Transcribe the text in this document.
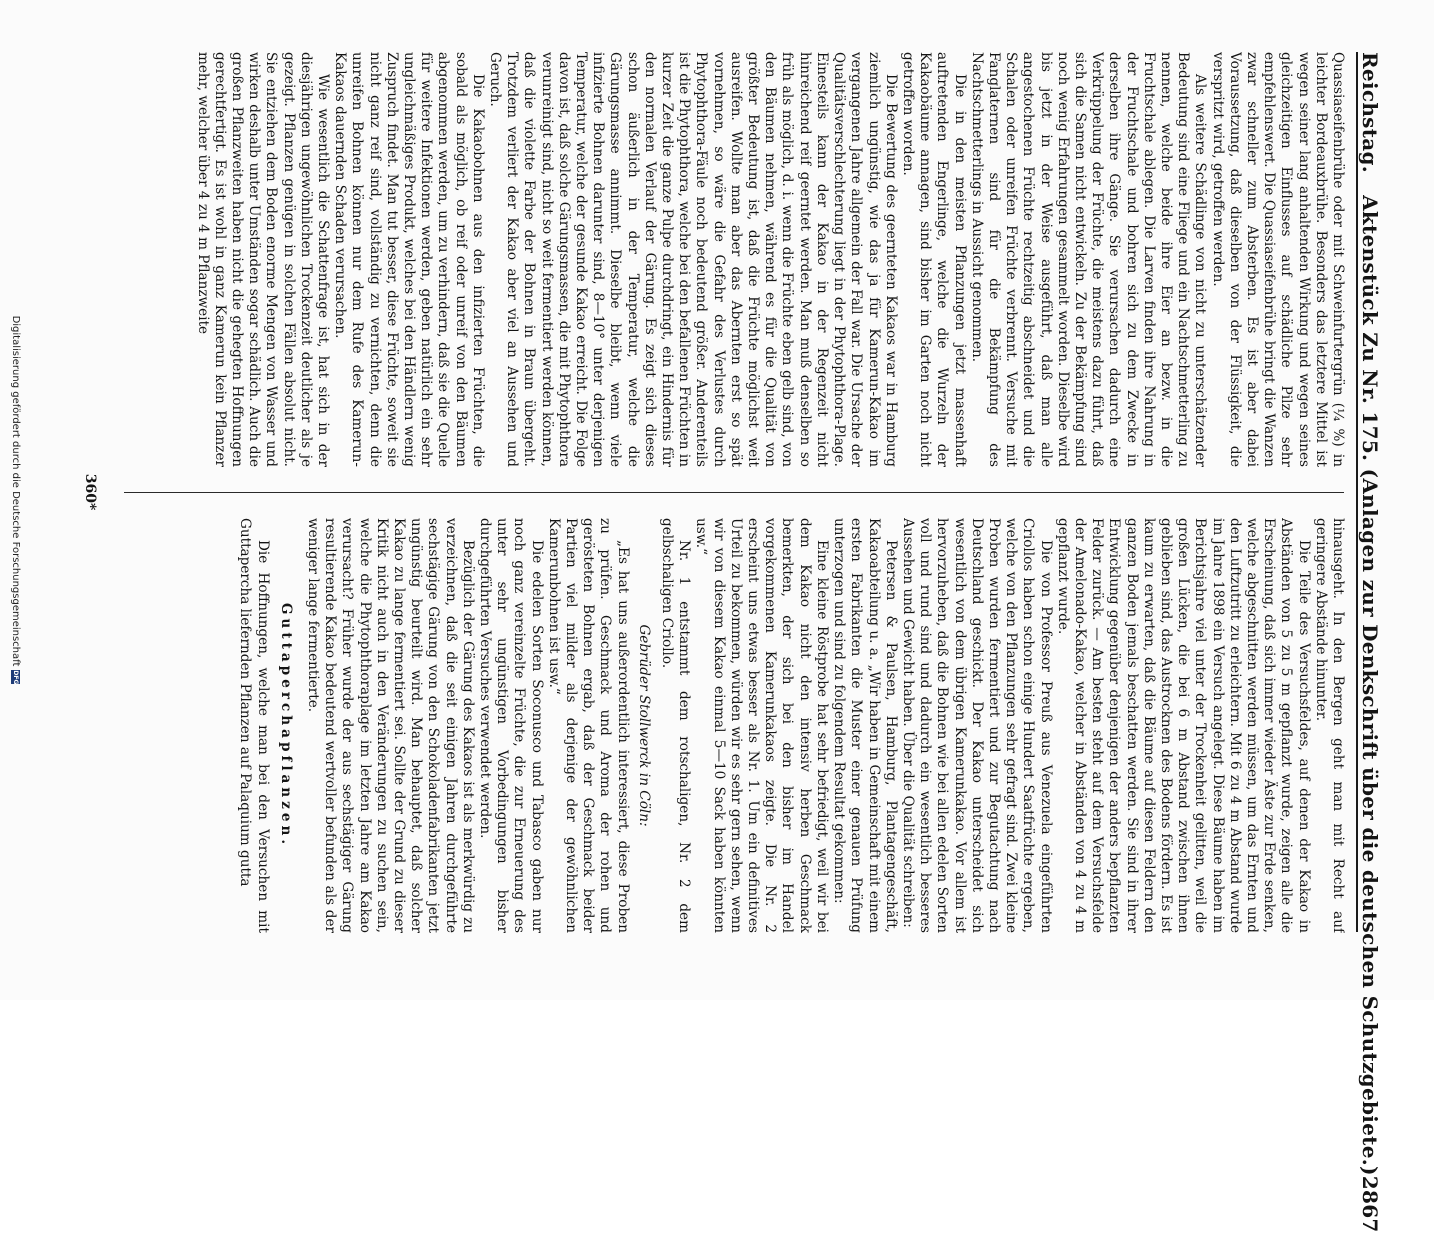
Reichstag.
Aktenstück Zu Nr. 175. (Anlagen zur Denkschrift über die deutschen Schutzgebiete.)
2867

Quassiaseifenbrühe oder mit Schweinfurtergrün (¼ %) in leichter Bordeauxbrühe. Besonders das letztere Mittel ist wegen seiner lang anhaltenden Wirkung und wegen seines gleichzeitigen Einflusses auf schädliche Pilze sehr empfehlenswert. Die Quassiaseifenbrühe bringt die Wanzen zwar schneller zum Absterben. Es ist aber dabei Voraussetzung, daß dieselben von der Flüssigkeit, die verspritzt wird, getroffen werden.

Als weitere Schädlinge von nicht zu unterschätzender Bedeutung sind eine Fliege und ein Nachtschmetterling zu nennen, welche beide ihre Eier an bezw. in die Fruchtschale ablegen. Die Larven finden ihre Nahrung in der Fruchtschale und bohren sich zu dem Zwecke in derselben ihre Gänge. Sie verursachen dadurch eine Verkrüppelung der Früchte, die meistens dazu führt, daß sich die Samen nicht entwickeln. Zu der Bekämpfung sind noch wenig Erfahrungen gesammelt worden. Dieselbe wird bis jetzt in der Weise ausgeführt, daß man alle angestochenen Früchte rechtzeitig abschneidet und die Schalen oder unreifen Früchte verbrennt. Versuche mit Fanglaternen sind für die Bekämpfung des Nachtschmetterlings in Aussicht genommen.

Die in den meisten Pflanzungen jetzt massenhaft auftretenden Engerlinge, welche die Wurzeln der Kakaobäume annagen, sind bisher im Garten noch nicht getroffen worden.

Die Bewertung des geernteten Kakaos war in Hamburg ziemlich ungünstig, wie das ja für Kamerun-Kakao im vergangenen Jahre allgemein der Fall war. Die Ursache der Qualitätsverschlechterung liegt in der Phytophthora-Plage. Einesteils kann der Kakao in der Regenzeit nicht hinreichend reif geerntet werden. Man muß denselben so früh als möglich, d. i. wenn die Früchte eben gelb sind, von den Bäumen nehmen, während es für die Qualität von größter Bedeutung ist, daß die Früchte möglichst weit ausreifen. Wollte man aber das Abernten erst so spät vornehmen, so wäre die Gefahr des Verlustes durch Phytophthora-Fäule noch bedeutend größer. Anderenteils ist die Phytophthora, welche bei den befallenen Früchten in kurzer Zeit die ganze Pulpe durchdringt, ein Hindernis für den normalen Verlauf der Gärung. Es zeigt sich dieses schon äußerlich in der Temperatur, welche die Gärungsmasse annimmt. Dieselbe bleibt, wenn viele infizierte Bohnen darunter sind, 8—10° unter derjenigen Temperatur, welche der gesunde Kakao erreicht. Die Folge davon ist, daß solche Gärungsmassen, die mit Phytophthora verunreinigt sind, nicht so weit fermentiert werden können, daß die violette Farbe der Bohnen in Braun übergeht. Trotzdem verliert der Kakao aber viel an Aussehen und Geruch.

Die Kakaobohnen aus den infizierten Früchten, die sobald als möglich, ob reif oder unreif von den Bäumen abgenommen werden, um zu verhindern, daß sie die Quelle für weitere Infektionen werden, geben natürlich ein sehr ungleichmäßiges Produkt, welches bei den Händlern wenig Zuspruch findet. Man tut besser, diese Früchte, soweit sie nicht ganz reif sind, vollständig zu vernichten, denn die unreifen Bohnen können nur dem Rufe des Kamerun-Kakaos dauernden Schaden verursachen.

Wie wesentlich die Schattenfrage ist, hat sich in der diesjährigen ungewöhnlichen Trockenzeit deutlicher als je gezeigt. Pflanzen genügen in solchen Fällen absolut nicht. Sie entziehen dem Boden enorme Mengen von Wasser und wirken deshalb unter Umständen sogar schädlich. Auch die großen Pflanzweiten haben nicht die gehegten Hoffnungen gerechtfertigt. Es ist wohl in ganz Kamerun kein Pflanzer mehr, welcher über 4 zu 4 m Pflanzweite

hinausgeht. In den Bergen geht man mit Recht auf geringere Abstände hinunter.

Die Teile des Versuchsfeldes, auf denen der Kakao in Abständen von 5 zu 5 m gepflanzt wurde, zeigen alle die Erscheinung, daß sich immer wieder Äste zur Erde senken, welche abgeschnitten werden müssen, um das Ernten und den Luftzutritt zu erleichtern. Mit 6 zu 4 m Abstand wurde im Jahre 1898 ein Versuch angelegt. Diese Bäume haben im Berichtsjahre viel unter der Trockenheit gelitten, weil die großen Lücken, die bei 6 m Abstand zwischen ihnen geblieben sind, das Austrocknen des Bodens fördern. Es ist kaum zu erwarten, daß die Bäume auf diesen Feldern den ganzen Boden jemals beschatten werden. Sie sind in ihrer Entwicklung gegenüber denjenigen der anders bepflanzten Felder zurück. — Am besten steht auf dem Versuchsfelde der Amelonado-Kakao, welcher in Abständen von 4 zu 4 m gepflanzt wurde.

Die von Professor Preuß aus Venezuela eingeführten Criollos haben schon einige Hundert Saatfrüchte ergeben, welche von den Pflanzungen sehr gefragt sind. Zwei kleine Proben wurden fermentiert und zur Begutachtung nach Deutschland geschickt. Der Kakao unterscheidet sich wesentlich von dem übrigen Kamerunkakao. Vor allem ist hervorzuheben, daß die Bohnen wie bei allen edelen Sorten voll und rund sind und dadurch ein wesentlich besseres Aussehen und Gewicht haben. Über die Qualität schreiben:

Petersen & Paulsen, Hamburg, Plantagengeschäft, Kakaoabteilung u. a. „Wir haben in Gemeinschaft mit einem ersten Fabrikanten die Muster einer genauen Prüfung unterzogen und sind zu folgendem Resultat gekommen:

Eine kleine Röstprobe hat sehr befriedigt, weil wir bei dem Kakao nicht den intensiv herben Geschmack bemerkten, der sich bei den bisher im Handel vorgekommenen Kamerunkakaos zeigte. Die Nr. 2 erscheint uns etwas besser als Nr. 1. Um ein definitives Urteil zu bekommen, würden wir es sehr gern sehen, wenn wir von diesem Kakao einmal 5—10 Sack haben könnten usw.“

Nr. 1 entstammt dem rotschaligen, Nr. 2 dem gelbschaligen Criollo.

Gebrüder Stollwerck in Cöln:

„Es hat uns außerordentlich interessiert, diese Proben zu prüfen. Geschmack und Aroma der rohen und gerösteten Bohnen ergab, daß der Geschmack beider Partien viel milder als derjenige der gewöhnlichen Kamerunbohnen ist usw.“

Die edelen Sorten Soconusco und Tabasco gaben nur noch ganz vereinzelte Früchte, die zur Erneuerung des unter sehr ungünstigen Vorbedingungen bisher durchgeführten Versuches verwendet werden.

Bezüglich der Gärung des Kakaos ist als merkwürdig zu verzeichnen, daß die seit einigen Jahren durchgeführte sechstägige Gärung von den Schokoladenfabrikanten jetzt ungünstig beurteilt wird. Man behauptet, daß solcher Kakao zu lange fermentiert sei. Sollte der Grund zu dieser Kritik nicht auch in den Veränderungen zu suchen sein, welche die Phytophthoraplage im letzten Jahre am Kakao verursacht? Früher wurde der aus sechstägiger Gärung resultierende Kakao bedeutend wertvoller befunden als der weniger lange fermentierte.

Guttaperchapflanzen.

Die Hoffnungen, welche man bei den Versuchen mit Guttapercha liefernden Pflanzen auf Palaquium gutta

360*
Digitalisierung gefördert durch die Deutsche Forschungsgemeinschaft
DFG
